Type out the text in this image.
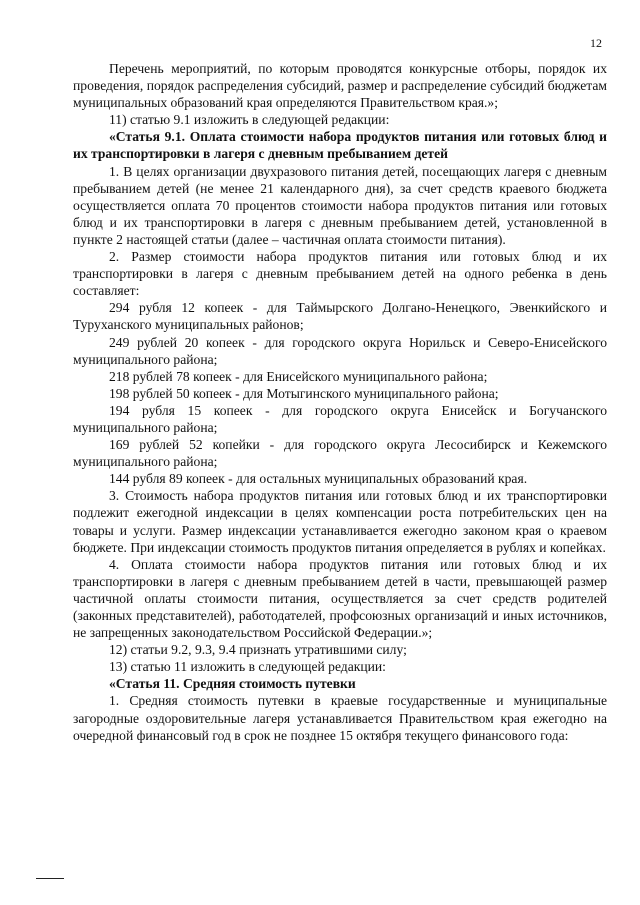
12

Перечень мероприятий, по которым проводятся конкурсные отборы, порядок их проведения, порядок распределения субсидий, размер и распределение субсидий бюджетам муниципальных образований края определяются Правительством края.»;

11) статью 9.1 изложить в следующей редакции:

«Статья 9.1. Оплата стоимости набора продуктов питания или готовых блюд и их транспортировки в лагеря с дневным пребыванием детей

1. В целях организации двухразового питания детей, посещающих лагеря с дневным пребыванием детей (не менее 21 календарного дня), за счет средств краевого бюджета осуществляется оплата 70 процентов стоимости набора продуктов питания или готовых блюд и их транспортировки в лагеря с дневным пребыванием детей, установленной в пункте 2 настоящей статьи (далее – частичная оплата стоимости питания).

2. Размер стоимости набора продуктов питания или готовых блюд и их транспортировки в лагеря с дневным пребыванием детей на одного ребенка в день составляет:

294 рубля 12 копеек - для Таймырского Долгано-Ненецкого, Эвенкийского и Туруханского муниципальных районов;

249 рублей 20 копеек - для городского округа Норильск и Северо-Енисейского муниципального района;

218 рублей 78 копеек - для Енисейского муниципального района;

198 рублей 50 копеек - для Мотыгинского муниципального района;

194 рубля 15 копеек - для городского округа Енисейск и Богучанского муниципального района;

169 рублей 52 копейки - для городского округа Лесосибирск и Кежемского муниципального района;

144 рубля 89 копеек - для остальных муниципальных образований края.

3. Стоимость набора продуктов питания или готовых блюд и их транспортировки подлежит ежегодной индексации в целях компенсации роста потребительских цен на товары и услуги. Размер индексации устанавливается ежегодно законом края о краевом бюджете. При индексации стоимость продуктов питания определяется в рублях и копейках.

4. Оплата стоимости набора продуктов питания или готовых блюд и их транспортировки в лагеря с дневным пребыванием детей в части, превышающей размер частичной оплаты стоимости питания, осуществляется за счет средств родителей (законных представителей), работодателей, профсоюзных организаций и иных источников, не запрещенных законодательством Российской Федерации.»;

12) статьи 9.2, 9.3, 9.4 признать утратившими силу;

13) статью 11 изложить в следующей редакции:

«Статья 11. Средняя стоимость путевки

1. Средняя стоимость путевки в краевые государственные и муниципальные загородные оздоровительные лагеря устанавливается Правительством края ежегодно на очередной финансовый год в срок не позднее 15 октября текущего финансового года:
